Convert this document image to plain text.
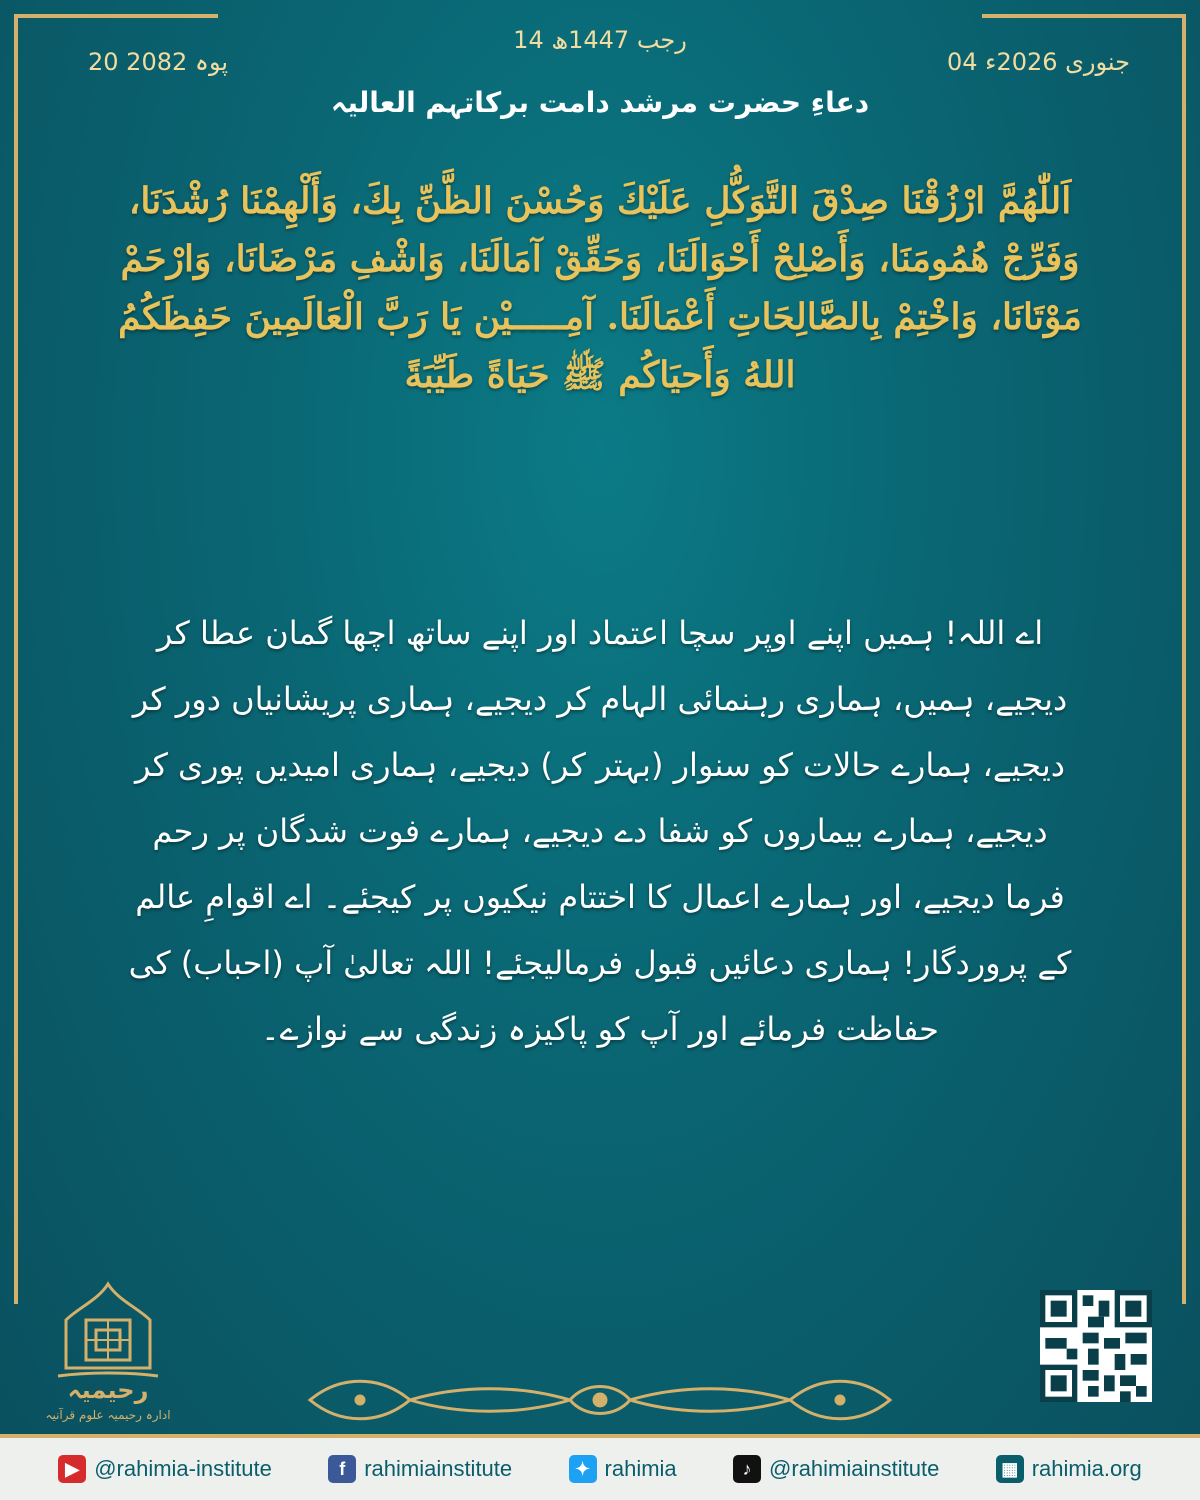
14 رجب 1447ھ
04 جنوری 2026ء
20 پوہ 2082
دعاءِ حضرت مرشد دامت برکاتہم العالیہ
اَللّٰهُمَّ ارْزُقْنَا صِدْقَ التَّوَكُّلِ عَلَيْكَ وَحُسْنَ الظَّنِّ بِكَ، وَأَلْهِمْنَا رُشْدَنَا، وَفَرِّجْ هُمُومَنَا، وَأَصْلِحْ أَحْوَالَنَا، وَحَقِّقْ آمَالَنَا، وَاشْفِ مَرْضَانَا، وَارْحَمْ مَوْتَانَا، وَاخْتِمْ بِالصَّالِحَاتِ أَعْمَالَنَا. آمِـــــيْن يَا رَبَّ الْعَالَمِينَ حَفِظَكُمُ اللهُ وَأَحيَاكُم ﷺ حَيَاةً طَيِّبَةً
اے اللہ! ہمیں اپنے اوپر سچا اعتماد اور اپنے ساتھ اچھا گمان عطا کر دیجیے، ہمیں، ہماری رہنمائی الہام کر دیجیے، ہماری پریشانیاں دور کر دیجیے، ہمارے حالات کو سنوار (بہتر کر) دیجیے، ہماری امیدیں پوری کر دیجیے، ہمارے بیماروں کو شفا دے دیجیے، ہمارے فوت شدگان پر رحم فرما دیجیے، اور ہمارے اعمال کا اختتام نیکیوں پر کیجئے۔ اے اقوامِ عالم کے پروردگار! ہماری دعائیں قبول فرمالیجئے! اللہ تعالیٰ آپ (احباب) کی حفاظت فرمائے اور آپ کو پاکیزہ زندگی سے نوازے۔
رحیمیہ
ادارہ رحیمیہ علوم قرآنیہ
▶ @rahimia-institute	f rahimiainstitute	✦ rahimia	♪ @rahimiainstitute	▦ rahimia.org
